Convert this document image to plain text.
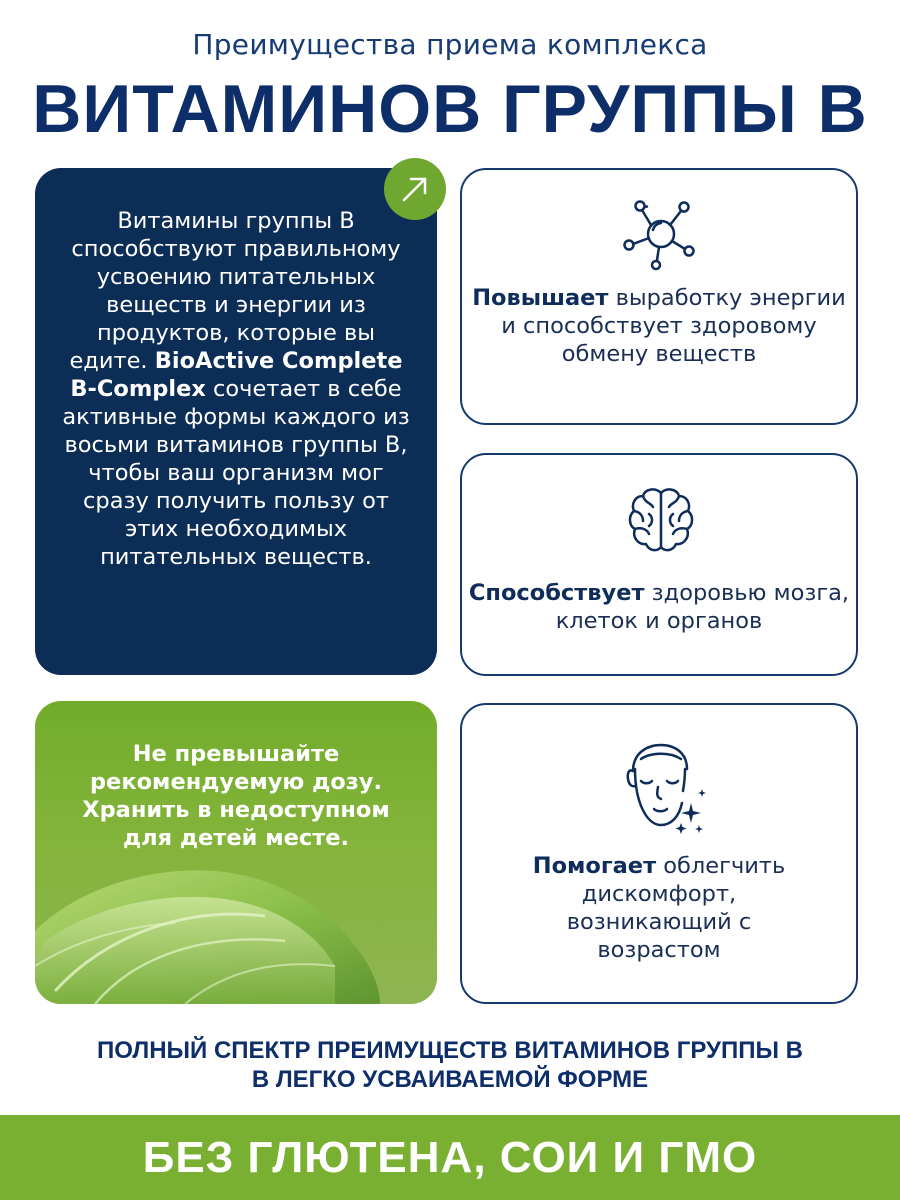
Преимущества приема комплекса
ВИТАМИНОВ ГРУППЫ В
Витамины группы B способствуют правильному усвоению питательных веществ и энергии из продуктов, которые вы едите. BioActive Complete B-Complex сочетает в себе активные формы каждого из восьми витаминов группы В, чтобы ваш организм мог сразу получить пользу от этих необходимых питательных веществ.
Не превышайте рекомендуемую дозу. Хранить в недоступном для детей месте.
Повышает выработку энергии и способствует здоровому обмену веществ
Способствует здоровью мозга, клеток и органов
Помогает облегчить дискомфорт, возникающий с возрастом
ПОЛНЫЙ СПЕКТР ПРЕИМУЩЕСТВ ВИТАМИНОВ ГРУППЫ В
В ЛЕГКО УСВАИВАЕМОЙ ФОРМЕ
БЕЗ ГЛЮТЕНА, СОИ И ГМО
